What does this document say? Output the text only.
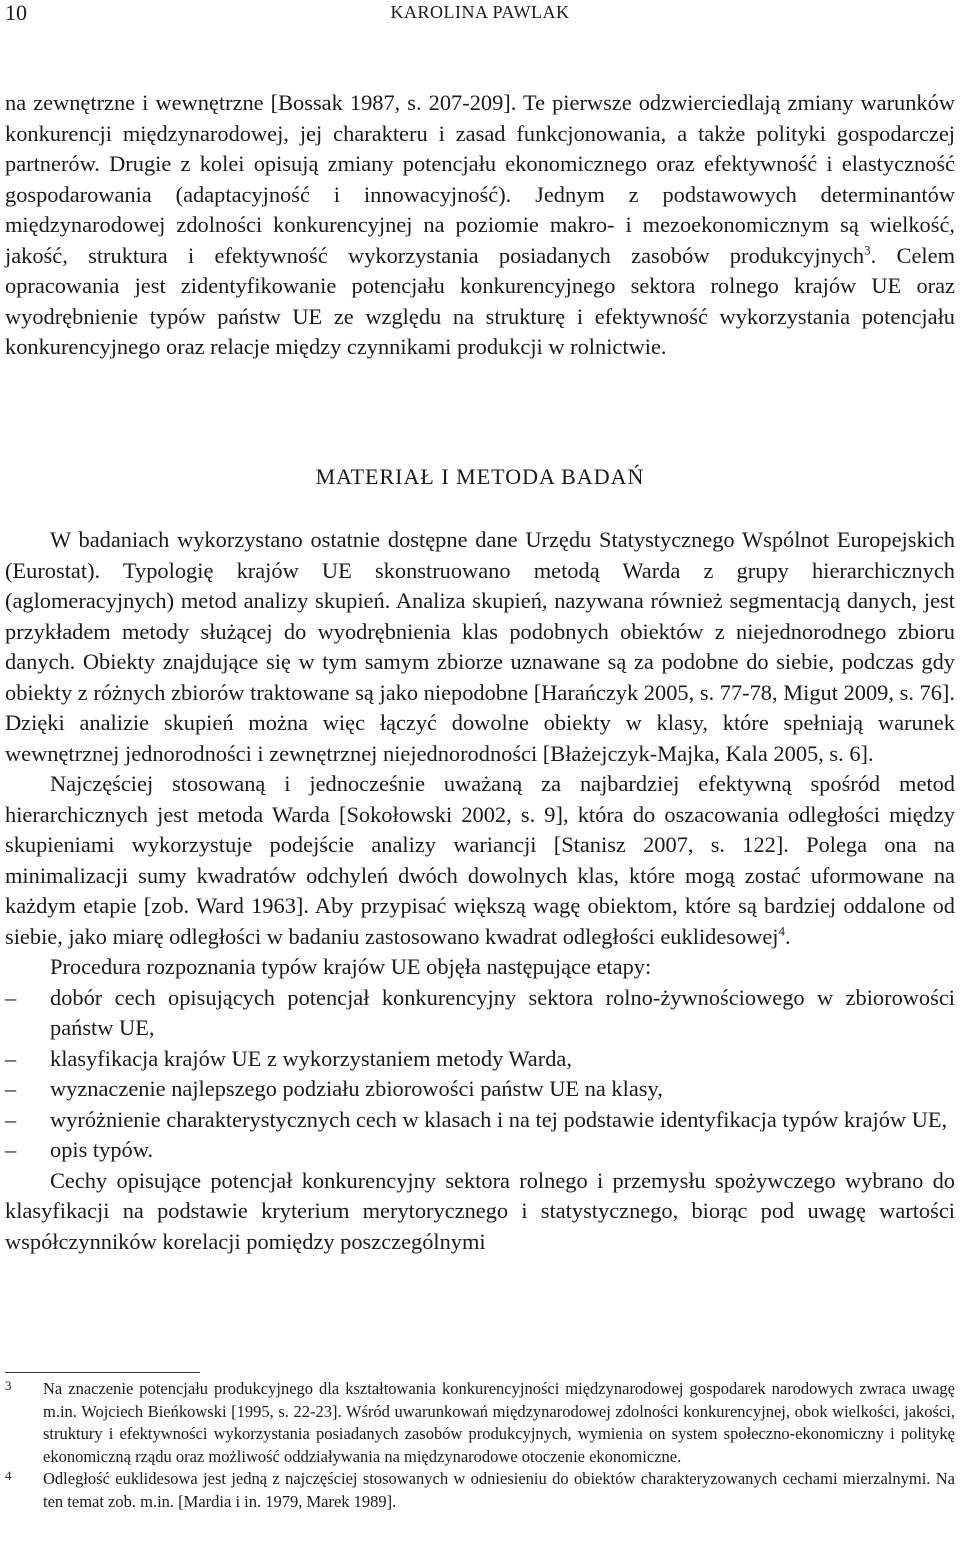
10	KAROLINA PAWLAK

na zewnętrzne i wewnętrzne [Bossak 1987, s. 207-209]. Te pierwsze odzwierciedlają zmiany warunków konkurencji międzynarodowej, jej charakteru i zasad funkcjonowania, a także polityki gospodarczej partnerów. Drugie z kolei opisują zmiany potencjału ekonomicznego oraz efektywność i elastyczność gospodarowania (adaptacyjność i innowacyjność). Jednym z podstawowych determinantów międzynarodowej zdolności konkurencyjnej na poziomie makro- i mezoekonomicznym są wielkość, jakość, struktura i efektywność wykorzystania posiadanych zasobów produkcyjnych$^3$. Celem opracowania jest zidentyfikowanie potencjału konkurencyjnego sektora rolnego krajów UE oraz wyodrębnienie typów państw UE ze względu na strukturę i efektywność wykorzystania potencjału konkurencyjnego oraz relacje między czynnikami produkcji w rolnictwie.

MATERIAŁ I METODA BADAŃ

W badaniach wykorzystano ostatnie dostępne dane Urzędu Statystycznego Wspólnot Europejskich (Eurostat). Typologię krajów UE skonstruowano metodą Warda z grupy hierarchicznych (aglomeracyjnych) metod analizy skupień. Analiza skupień, nazywana również segmentacją danych, jest przykładem metody służącej do wyodrębnienia klas podobnych obiektów z niejednorodnego zbioru danych. Obiekty znajdujące się w tym samym zbiorze uznawane są za podobne do siebie, podczas gdy obiekty z różnych zbiorów traktowane są jako niepodobne [Harańczyk 2005, s. 77-78, Migut 2009, s. 76]. Dzięki analizie skupień można więc łączyć dowolne obiekty w klasy, które spełniają warunek wewnętrznej jednorodności i zewnętrznej niejednorodności [Błażejczyk-Majka, Kala 2005, s. 6].

Najczęściej stosowaną i jednocześnie uważaną za najbardziej efektywną spośród metod hierarchicznych jest metoda Warda [Sokołowski 2002, s. 9], która do oszacowania odległości między skupieniami wykorzystuje podejście analizy wariancji [Stanisz 2007, s. 122]. Polega ona na minimalizacji sumy kwadratów odchyleń dwóch dowolnych klas, które mogą zostać uformowane na każdym etapie [zob. Ward 1963]. Aby przypisać większą wagę obiektom, które są bardziej oddalone od siebie, jako miarę odległości w badaniu zastosowano kwadrat odległości euklidesowej$^4$.

Procedura rozpoznania typów krajów UE objęła następujące etapy:

– dobór cech opisujących potencjał konkurencyjny sektora rolno-żywnościowego w zbiorowości państw UE,
– klasyfikacja krajów UE z wykorzystaniem metody Warda,
– wyznaczenie najlepszego podziału zbiorowości państw UE na klasy,
– wyróżnienie charakterystycznych cech w klasach i na tej podstawie identyfikacja typów krajów UE,
– opis typów.

Cechy opisujące potencjał konkurencyjny sektora rolnego i przemysłu spożywczego wybrano do klasyfikacji na podstawie kryterium merytorycznego i statystycznego, biorąc pod uwagę wartości współczynników korelacji pomiędzy poszczególnymi

3 Na znaczenie potencjału produkcyjnego dla kształtowania konkurencyjności międzynarodowej gospodarek narodowych zwraca uwagę m.in. Wojciech Bieńkowski [1995, s. 22-23]. Wśród uwarunkowań międzynarodowej zdolności konkurencyjnej, obok wielkości, jakości, struktury i efektywności wykorzystania posiadanych zasobów produkcyjnych, wymienia on system społeczno-ekonomiczny i politykę ekonomiczną rządu oraz możliwość oddziaływania na międzynarodowe otoczenie ekonomiczne.

4 Odległość euklidesowa jest jedną z najczęściej stosowanych w odniesieniu do obiektów charakteryzowanych cechami mierzalnymi. Na ten temat zob. m.in. [Mardia i in. 1979, Marek 1989].
